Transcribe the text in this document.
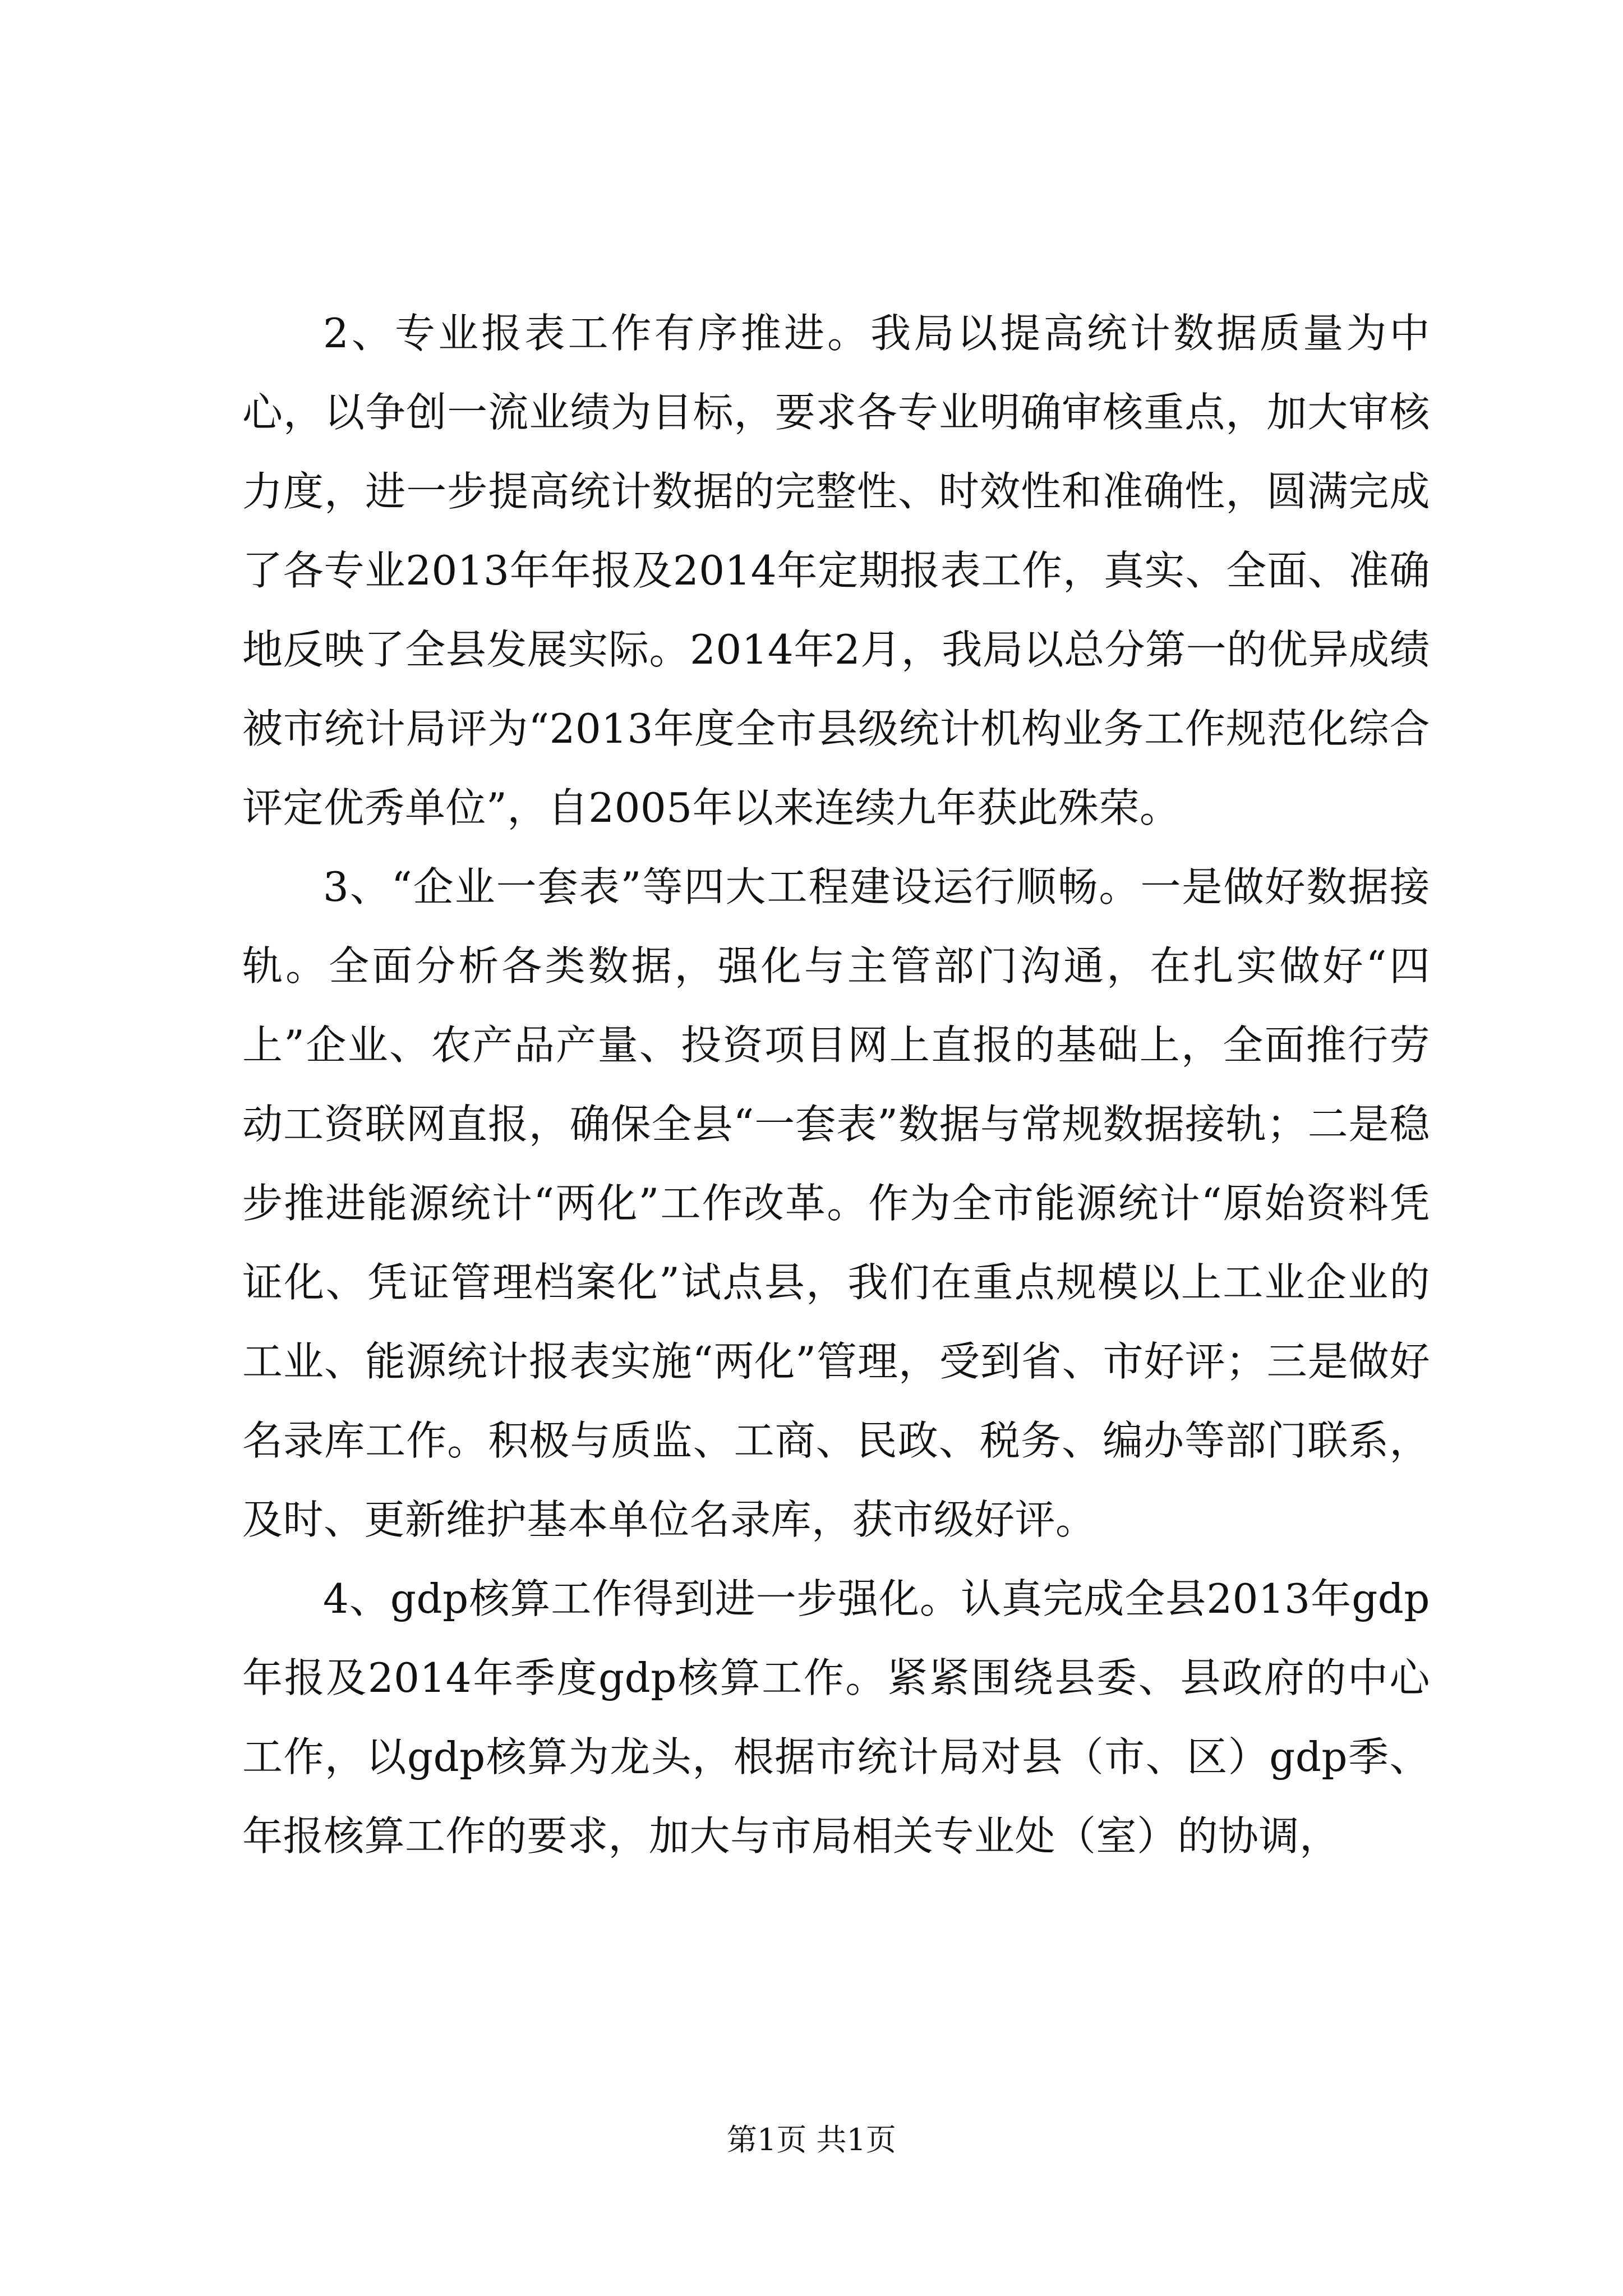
2、专业报表工作有序推进。我局以提高统计数据质量为中心，以争创一流业绩为目标，要求各专业明确审核重点，加大审核力度，进一步提高统计数据的完整性、时效性和准确性，圆满完成了各专业2013年年报及2014年定期报表工作，真实、全面、准确地反映了全县发展实际。2014年2月，我局以总分第一的优异成绩被市统计局评为“2013年度全市县级统计机构业务工作规范化综合评定优秀单位”，自2005年以来连续九年获此殊荣。

3、“企业一套表”等四大工程建设运行顺畅。一是做好数据接轨。全面分析各类数据，强化与主管部门沟通，在扎实做好“四上”企业、农产品产量、投资项目网上直报的基础上，全面推行劳动工资联网直报，确保全县“一套表”数据与常规数据接轨；二是稳步推进能源统计“两化”工作改革。作为全市能源统计“原始资料凭证化、凭证管理档案化”试点县，我们在重点规模以上工业企业的工业、能源统计报表实施“两化”管理，受到省、市好评；三是做好名录库工作。积极与质监、工商、民政、税务、编办等部门联系，及时、更新维护基本单位名录库，获市级好评。

4、gdp核算工作得到进一步强化。认真完成全县2013年gdp年报及2014年季度gdp核算工作。紧紧围绕县委、县政府的中心工作，以gdp核算为龙头，根据市统计局对县（市、区）gdp季、年报核算工作的要求，加大与市局相关专业处（室）的协调，

第1页 共1页
